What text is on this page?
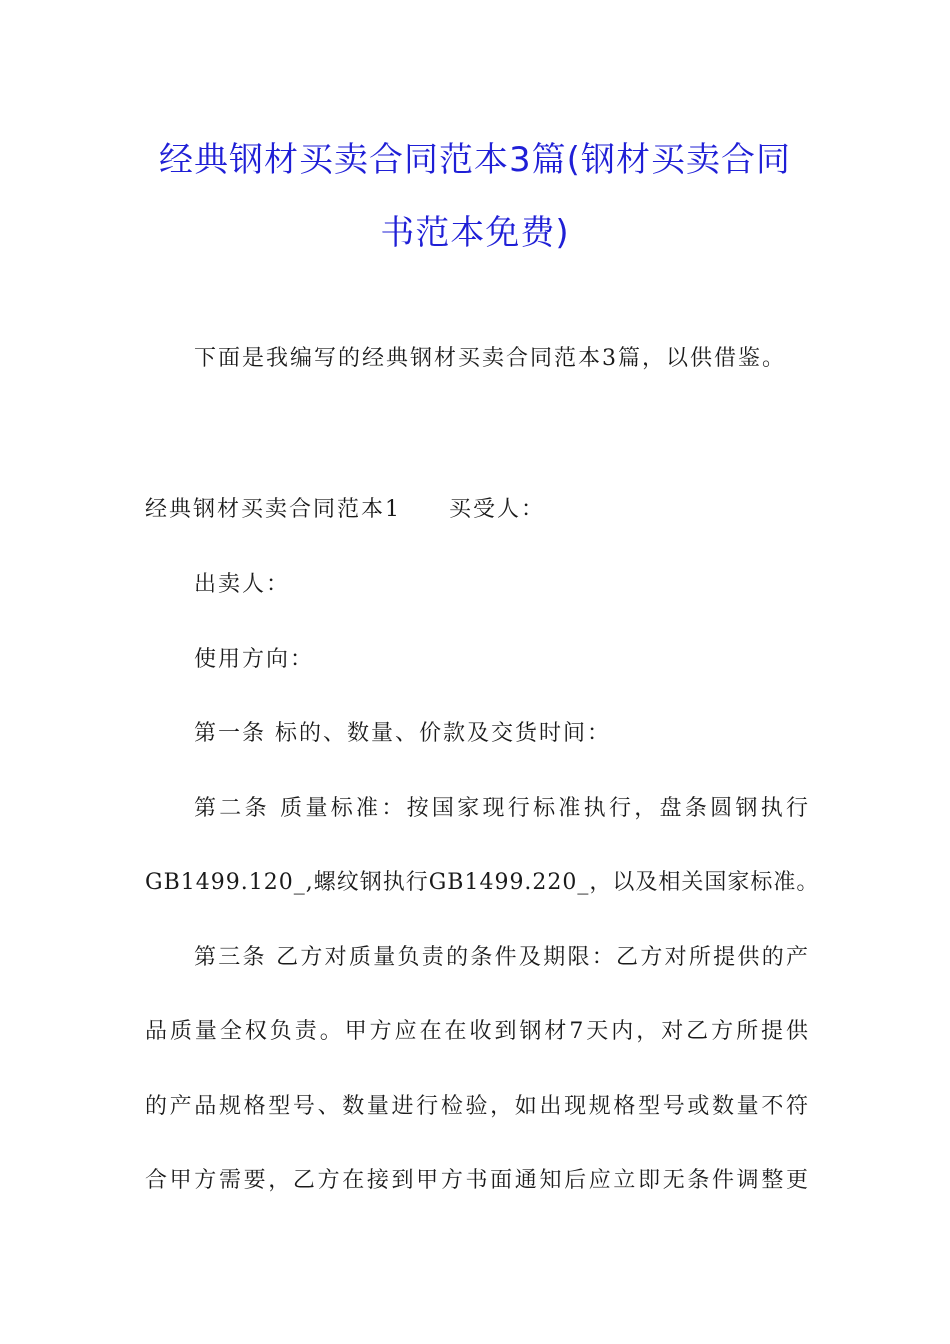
经典钢材买卖合同范本3篇(钢材买卖合同
书范本免费)
下面是我编写的经典钢材买卖合同范本3篇，以供借鉴。
经典钢材买卖合同范本1　　买受人：
出卖人：
使用方向：
第一条 标的、数量、价款及交货时间：
第二条 质量标准：按国家现行标准执行，盘条圆钢执行
GB1499.120_,螺纹钢执行GB1499.220_，以及相关国家标准。
第三条 乙方对质量负责的条件及期限：乙方对所提供的产
品质量全权负责。甲方应在在收到钢材7天内，对乙方所提供
的产品规格型号、数量进行检验，如出现规格型号或数量不符
合甲方需要，乙方在接到甲方书面通知后应立即无条件调整更
